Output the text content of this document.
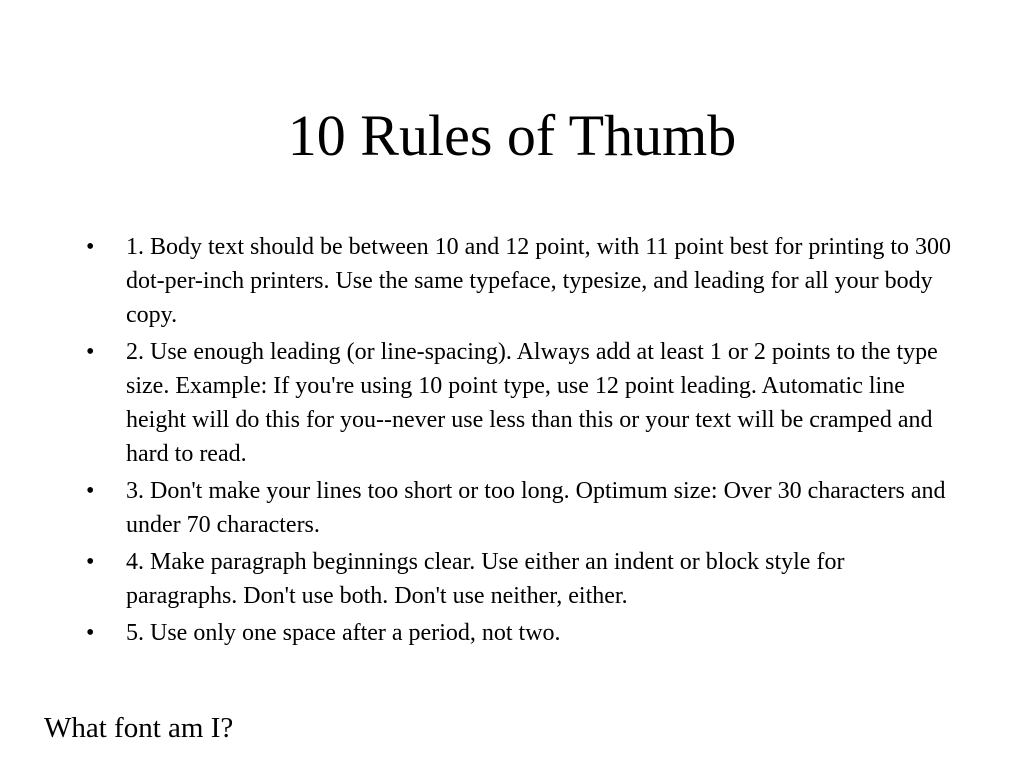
10 Rules of Thumb
• 1. Body text should be between 10 and 12 point, with 11 point best for printing to 300 dot-per-inch printers. Use the same typeface, typesize, and leading for all your body copy.
• 2. Use enough leading (or line-spacing). Always add at least 1 or 2 points to the type size. Example: If you're using 10 point type, use 12 point leading. Automatic line height will do this for you--never use less than this or your text will be cramped and hard to read.
• 3. Don't make your lines too short or too long. Optimum size: Over 30 characters and under 70 characters.
• 4. Make paragraph beginnings clear. Use either an indent or block style for paragraphs. Don't use both. Don't use neither, either.
• 5. Use only one space after a period, not two.
What font am I?
